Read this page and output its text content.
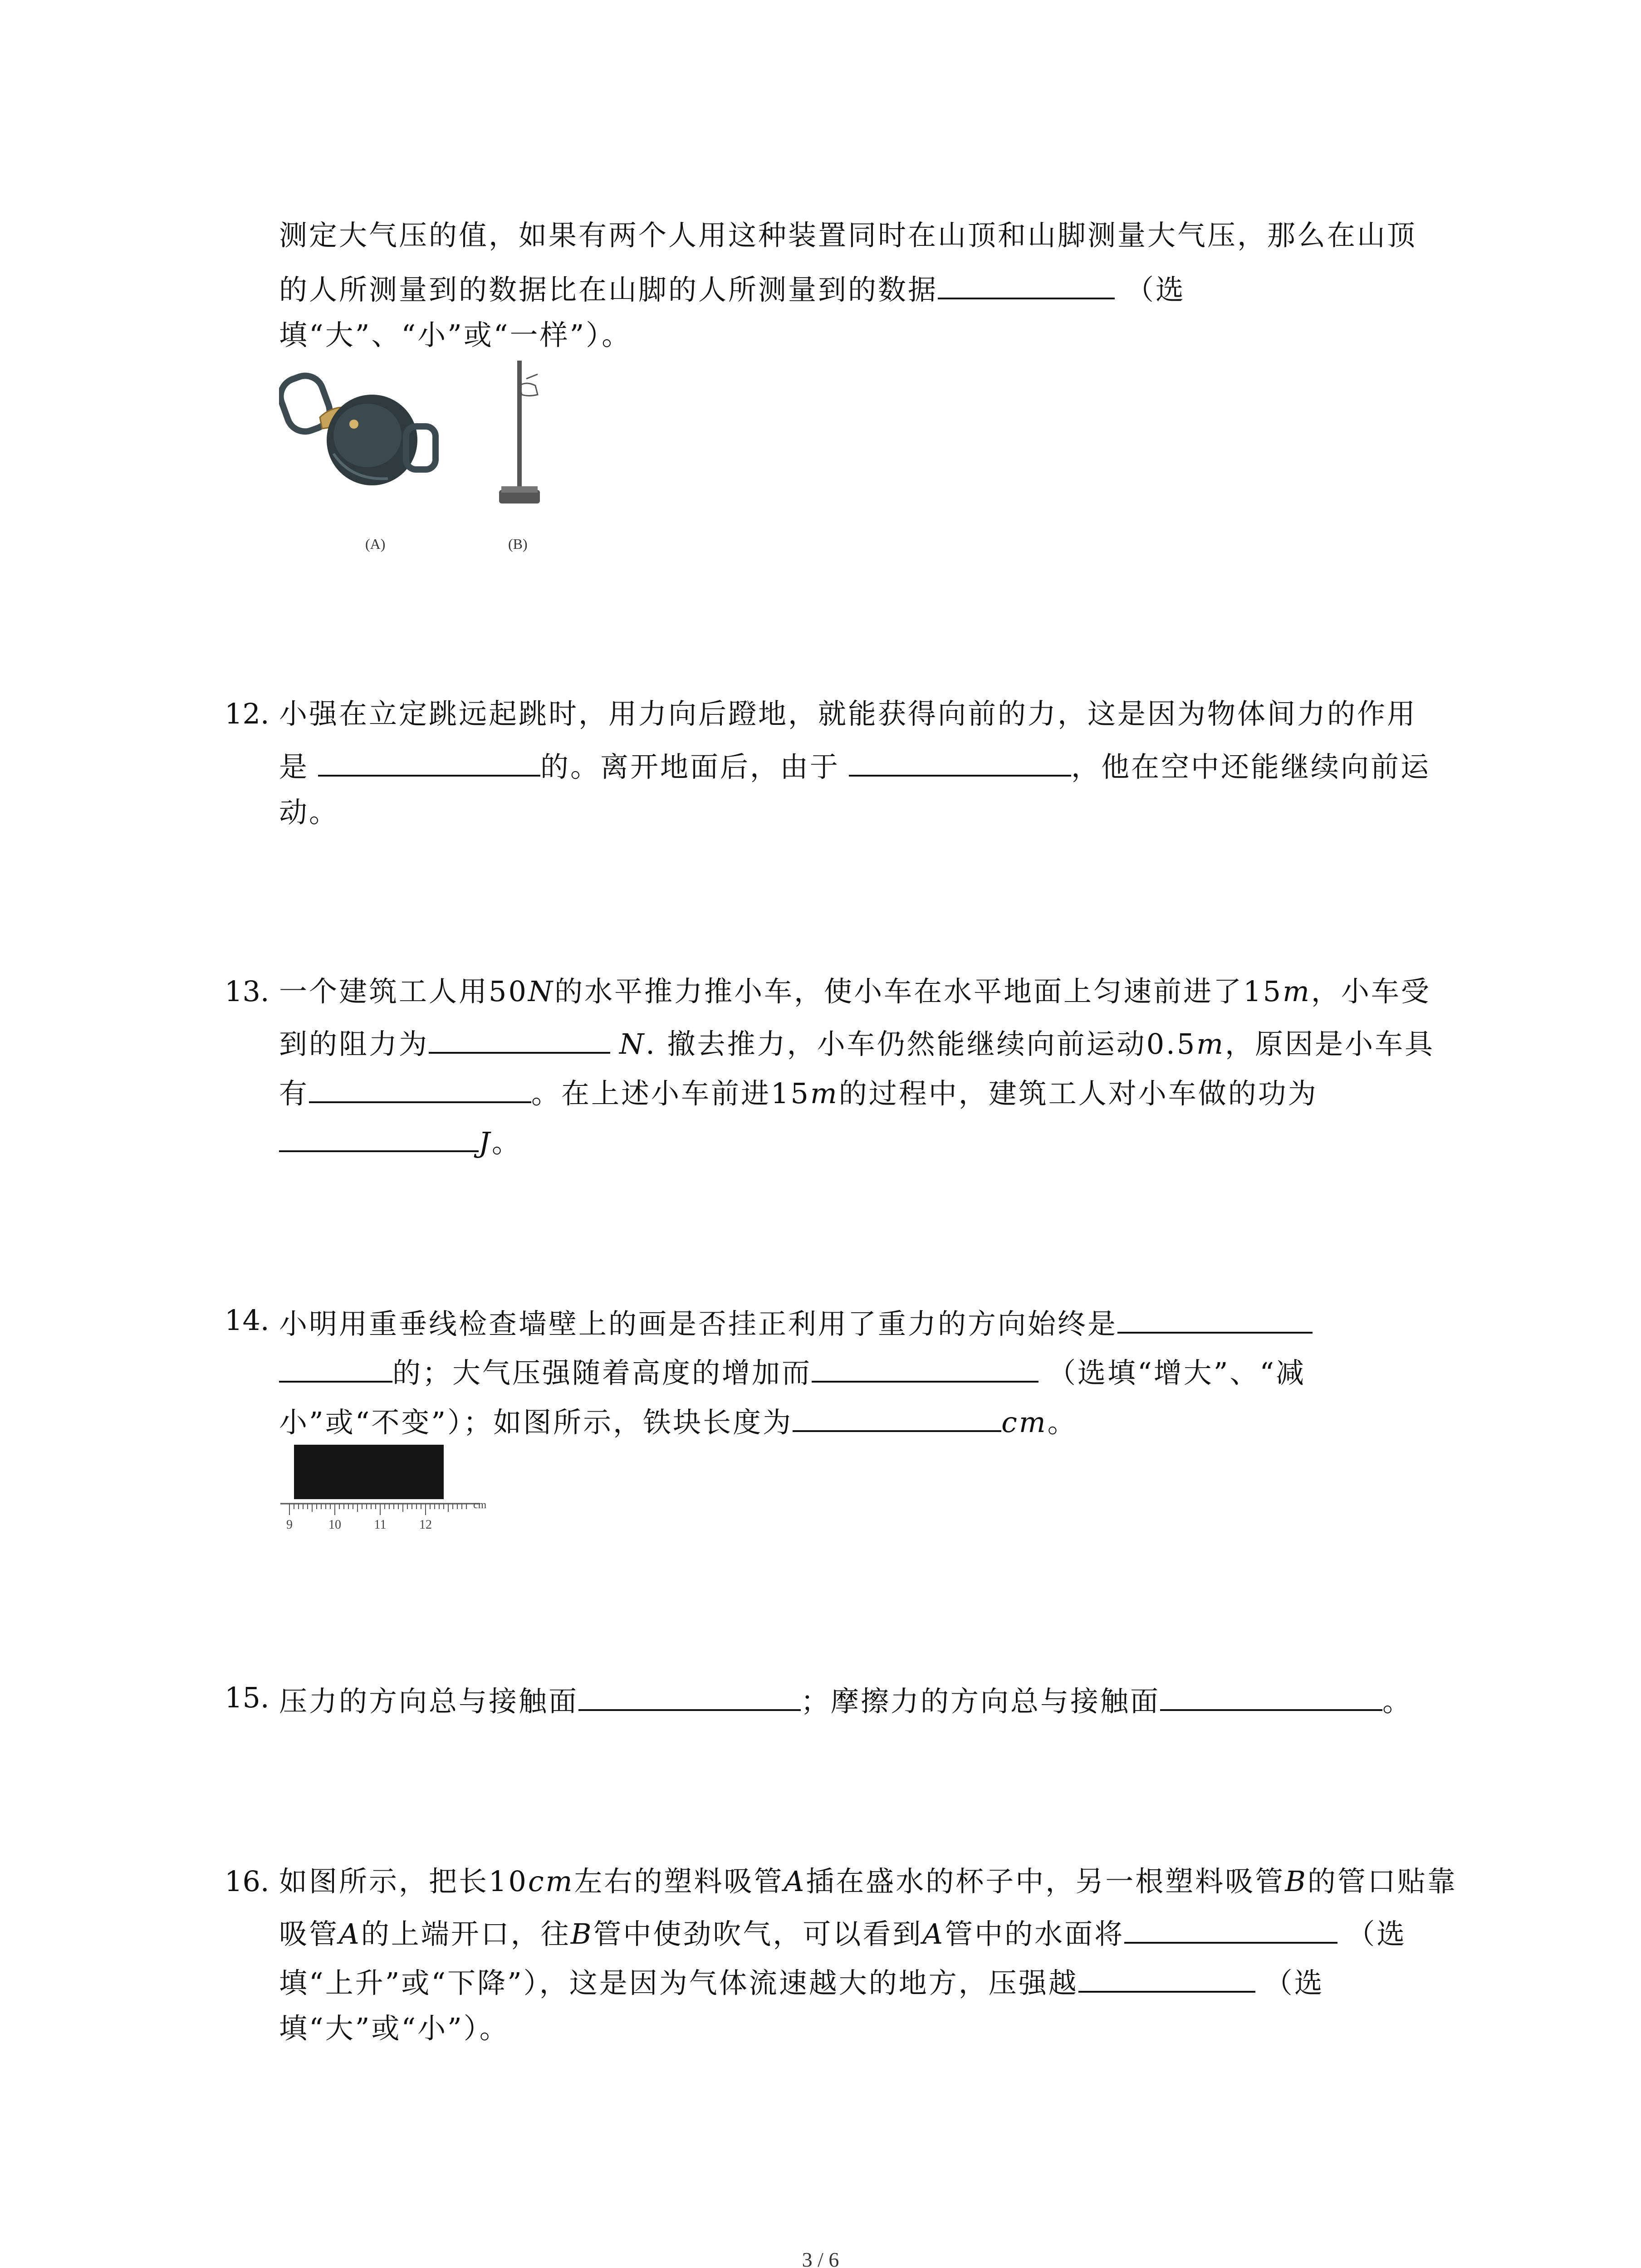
测定大气压的值，如果有两个人用这种装置同时在山顶和山脚测量大气压，那么在山顶
的人所测量到的数据比在山脚的人所测量到的数据	（选
填“大”、“小”或“一样”）。
(A)	(B)
12. 小强在立定跳远起跳时，用力向后蹬地，就能获得向前的力，这是因为物体间力的作用
是	的。离开地面后，由于	，他在空中还能继续向前运
动。
13. 一个建筑工人用50N的水平推力推小车，使小车在水平地面上匀速前进了15m，小车受
到的阻力为	N. 撤去推力，小车仍然能继续向前运动0.5m，原因是小车具
有	。在上述小车前进15m的过程中，建筑工人对小车做的功为
J。
14. 小明用重垂线检查墙壁上的画是否挂正利用了重力的方向始终是
的；大气压强随着高度的增加而	（选填“增大”、“减
小”或“不变”）；如图所示，铁块长度为	cm。
9	10	11	12
cm
15. 压力的方向总与接触面	；摩擦力的方向总与接触面	。
16. 如图所示，把长10cm左右的塑料吸管A插在盛水的杯子中，另一根塑料吸管B的管口贴靠
吸管A的上端开口，往B管中使劲吹气，可以看到A管中的水面将	（选
填“上升”或“下降”），这是因为气体流速越大的地方，压强越	（选
填“大”或“小”）。
3 / 6
